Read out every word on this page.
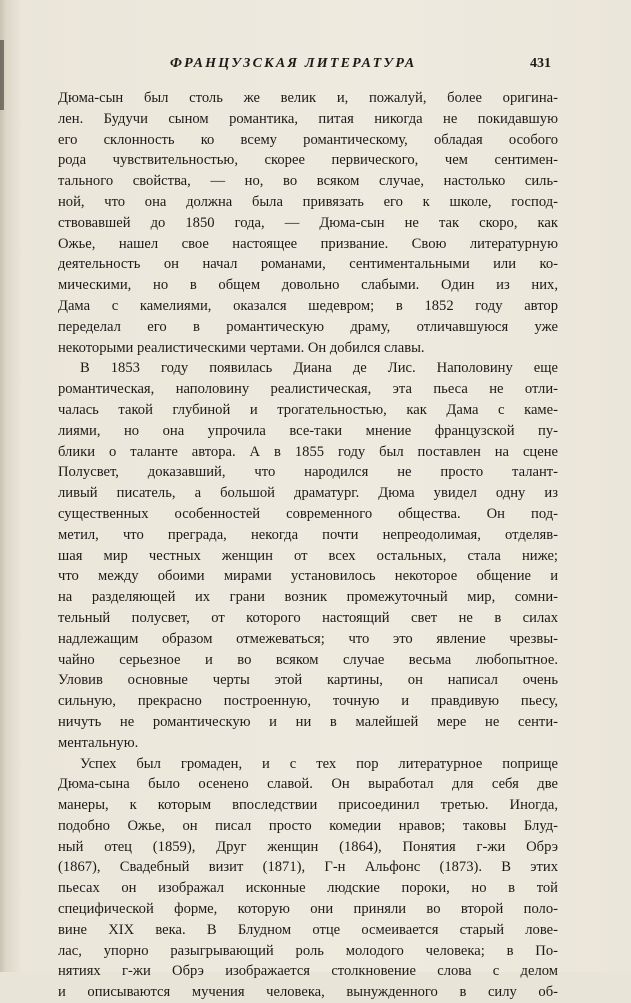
ФРАНЦУЗСКАЯ ЛИТЕРАТУРА	431
Дюма-сын был столь же велик и, пожалуй, более оригина-
лен. Будучи сыном романтика, питая никогда не покидавшую
его склонность ко всему романтическому, обладая особого
рода чувствительностью, скорее первичеcкого, чем сентимен-
тального свойства, — но, во всяком случае, настолько силь-
ной, что она должна была привязать его к школе, господ-
ствовавшей до 1850 года, — Дюма-сын не так скоро, как
Ожье, нашел свое настоящее призвание. Свою литературную
деятельность он начал романами, сентиментальными или ко-
мическими, но в общем довольно слабыми. Один из них,
Дама с камелиями, оказался шедевром; в 1852 году автор
переделал его в романтическую драму, отличавшуюся уже
некоторыми реалистическими чертами. Он добился славы.
В 1853 году появилась Диана де Лис. Наполовину еще
романтическая, наполовину реалистическая, эта пьеса не отли-
чалась такой глубиной и трогательностью, как Дама с каме-
лиями, но она упрочила все-таки мнение французской пу-
блики о таланте автора. А в 1855 году был поставлен на сцене
Полусвет, доказавший, что народился не просто талант-
ливый писатель, а большой драматург. Дюма увидел одну из
существенных особенностей современного общества. Он под-
метил, что преграда, некогда почти непреодолимая, отделяв-
шая мир честных женщин от всех остальных, стала ниже;
что между обоими мирами установилось некоторое общение и
на разделяющей их грани возник промежуточный мир, сомни-
тельный полусвет, от которого настоящий свет не в силах
надлежащим образом отмежеваться; что это явление чрезвы-
чайно серьезное и во всяком случае весьма любопытное.
Уловив основные черты этой картины, он написал очень
сильную, прекрасно построенную, точную и правдивую пьесу,
ничуть не романтическую и ни в малейшей мере не сенти-
ментальную.
Успех был громаден, и с тех пор литературное поприще
Дюма-сына было осенено славой. Он выработал для себя две
манеры, к которым впоследствии присоединил третью. Иногда,
подобно Ожье, он писал просто комедии нравов; таковы Блуд-
ный отец (1859), Друг женщин (1864), Понятия г-жи Обрэ
(1867), Свадебный визит (1871), Г-н Альфонс (1873). В этих
пьесах он изображал исконные людские пороки, но в той
специфической форме, которую они приняли во второй поло-
вине XIX века. В Блудном отце осмеивается старый лове-
лас, упорно разыгрывающий роль молодого человека; в По-
нятиях г-жи Обрэ изображается столкновение слова с делом
и описываются мучения человека, вынужденного в силу об-
